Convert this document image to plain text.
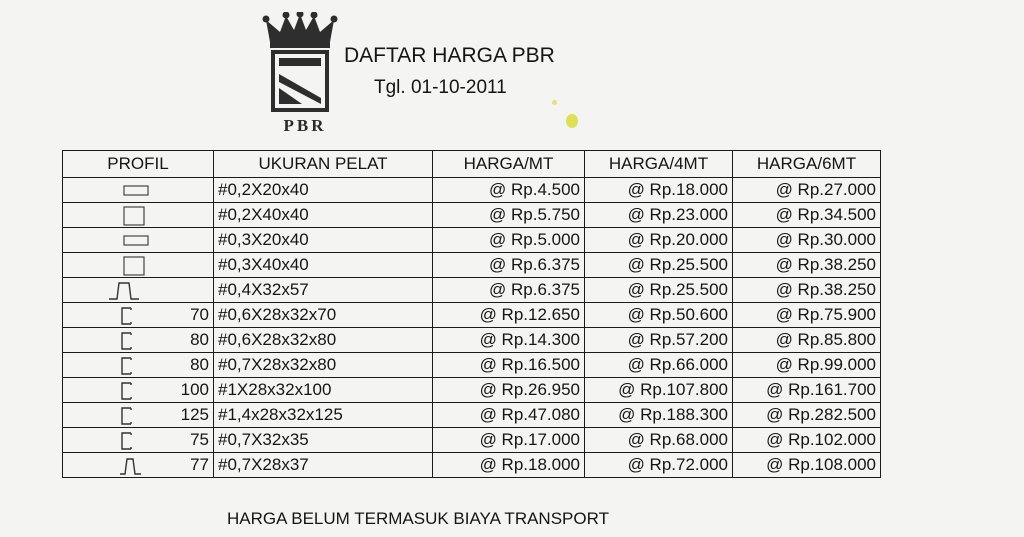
PBR
DAFTAR HARGA PBR
Tgl. 01-10-2011
PROFIL	UKURAN PELAT	HARGA/MT	HARGA/4MT	HARGA/6MT

	#0,2X20x40	@ Rp.4.500	@ Rp.18.000	@ Rp.27.000

	#0,2X40x40	@ Rp.5.750	@ Rp.23.000	@ Rp.34.500

	#0,3X20x40	@ Rp.5.000	@ Rp.20.000	@ Rp.30.000

	#0,3X40x40	@ Rp.6.375	@ Rp.25.500	@ Rp.38.250

	#0,4X32x57	@ Rp.6.375	@ Rp.25.500	@ Rp.38.250

70	#0,6X28x32x70	@ Rp.12.650	@ Rp.50.600	@ Rp.75.900

80	#0,6X28x32x80	@ Rp.14.300	@ Rp.57.200	@ Rp.85.800

80	#0,7X28x32x80	@ Rp.16.500	@ Rp.66.000	@ Rp.99.000

100	#1X28x32x100	@ Rp.26.950	@ Rp.107.800	@ Rp.161.700

125	#1,4x28x32x125	@ Rp.47.080	@ Rp.188.300	@ Rp.282.500

75	#0,7X32x35	@ Rp.17.000	@ Rp.68.000	@ Rp.102.000

77	#0,7X28x37	@ Rp.18.000	@ Rp.72.000	@ Rp.108.000
HARGA BELUM TERMASUK BIAYA TRANSPORT
